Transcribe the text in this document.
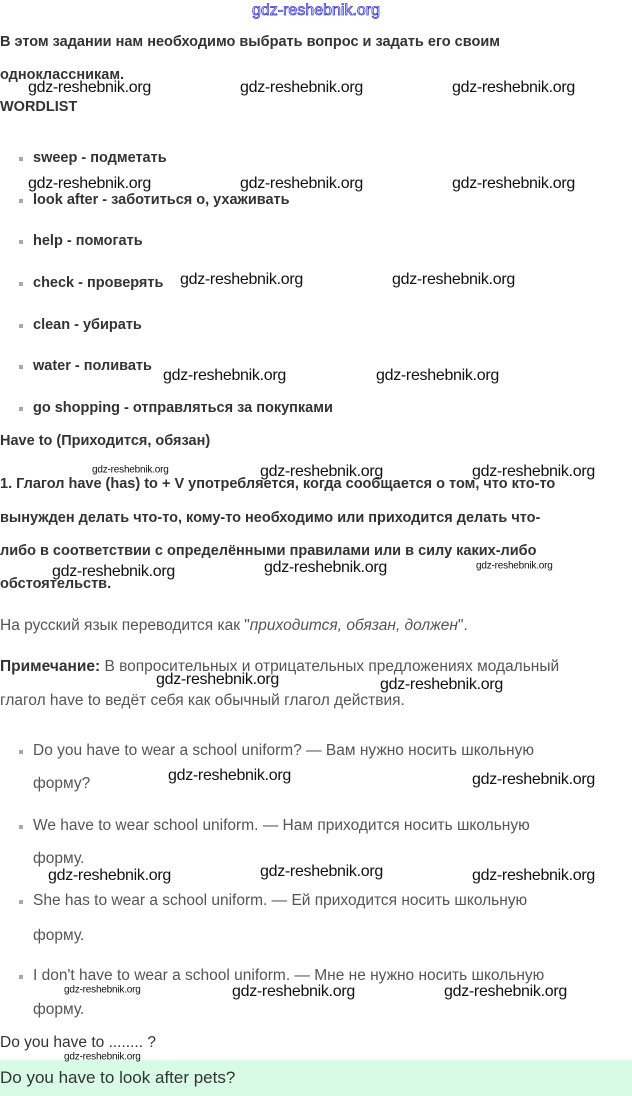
gdz-reshebnik.org
В этом задании нам необходимо выбрать вопрос и задать его своим
одноклассникам.
WORDLIST
sweep - подметать
look after - заботиться о, ухаживать
help - помогать
check - проверять
clean - убирать
water - поливать
go shopping - отправляться за покупками
Have to (Приходится, обязан)
1. Глагол have (has) to + V употребляется, когда сообщается о том, что кто-то
вынужден делать что-то, кому-то необходимо или приходится делать что-
либо в соответствии с определёнными правилами или в силу каких-либо
обстоятельств.
На русский язык переводится как "приходится, обязан, должен".
Примечание: В вопросительных и отрицательных предложениях модальный
глагол have to ведёт себя как обычный глагол действия.
Do you have to wear a school uniform? — Вам нужно носить школьную
форму?
We have to wear school uniform. — Нам приходится носить школьную
форму.
She has to wear a school uniform. — Ей приходится носить школьную
форму.
I don't have to wear a school uniform. — Мне не нужно носить школьную
форму.
Do you have to ........ ?
Do you have to look after pets?
gdz-reshebnik.org	gdz-reshebnik.org	gdz-reshebnik.org
gdz-reshebnik.org	gdz-reshebnik.org	gdz-reshebnik.org
gdz-reshebnik.org	gdz-reshebnik.org
gdz-reshebnik.org	gdz-reshebnik.org
gdz-reshebnik.org	gdz-reshebnik.org	gdz-reshebnik.org
gdz-reshebnik.org	gdz-reshebnik.org	gdz-reshebnik.org
gdz-reshebnik.org	gdz-reshebnik.org
gdz-reshebnik.org	gdz-reshebnik.org
gdz-reshebnik.org	gdz-reshebnik.org	gdz-reshebnik.org
gdz-reshebnik.org	gdz-reshebnik.org	gdz-reshebnik.org
gdz-reshebnik.org
